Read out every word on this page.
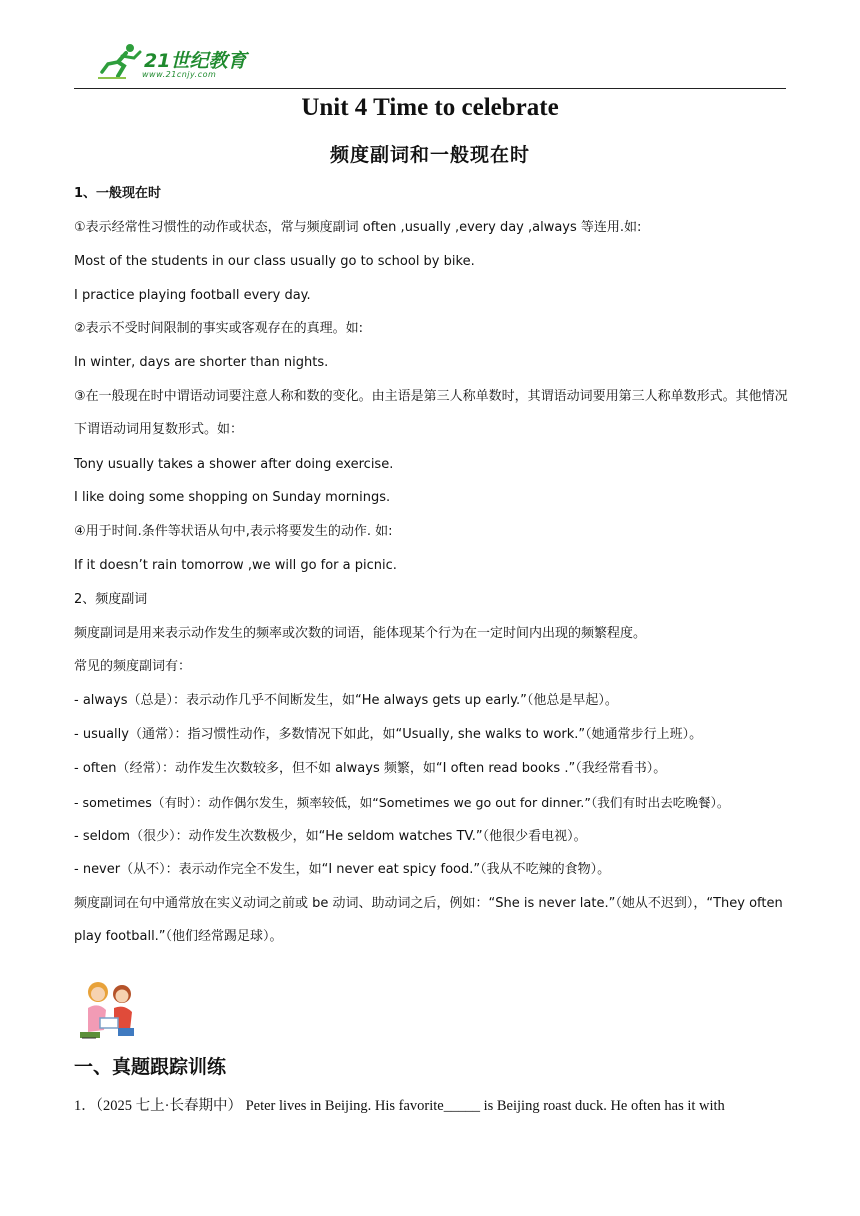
21世纪教育
www.21cnjy.com
Unit 4 Time to celebrate
频度副词和一般现在时
1、一般现在时
①表示经常性习惯性的动作或状态，常与频度副词 often ,usually ,every day ,always 等连用.如:
Most of the students in our class usually go to school by bike.
I practice playing football every day.
②表示不受时间限制的事实或客观存在的真理。如:
In winter, days are shorter than nights.
③在一般现在时中谓语动词要注意人称和数的变化。由主语是第三人称单数时，其谓语动词要用第三人称单数形式。其他情况下谓语动词用复数形式。如：
Tony usually takes a shower after doing exercise.
I like doing some shopping on Sunday mornings.
④用于时间.条件等状语从句中,表示将要发生的动作. 如:
If it doesn’t rain tomorrow ,we will go for a picnic.
2、频度副词
频度副词是用来表示动作发生的频率或次数的词语，能体现某个行为在一定时间内出现的频繁程度。
常见的频度副词有：
- always（总是）：表示动作几乎不间断发生，如“He always gets up early.”（他总是早起）。
- usually（通常）：指习惯性动作，多数情况下如此，如“Usually, she walks to work.”（她通常步行上班）。
- often（经常）：动作发生次数较多，但不如 always 频繁，如“I often read books .”（我经常看书）。
- sometimes（有时）：动作偶尔发生，频率较低，如“Sometimes we go out for dinner.”（我们有时出去吃晚餐）。
- seldom（很少）：动作发生次数极少，如“He seldom watches TV.”（他很少看电视）。
- never（从不）：表示动作完全不发生，如“I never eat spicy food.”（我从不吃辣的食物）。
频度副词在句中通常放在实义动词之前或 be 动词、助动词之后，例如：“She is never late.”（她从不迟到），“They often play football.”（他们经常踢足球）。
一、真题跟踪训练
1．（2025 七上·长春期中） Peter lives in Beijing. His favorite_____ is Beijing roast duck. He often has it with
